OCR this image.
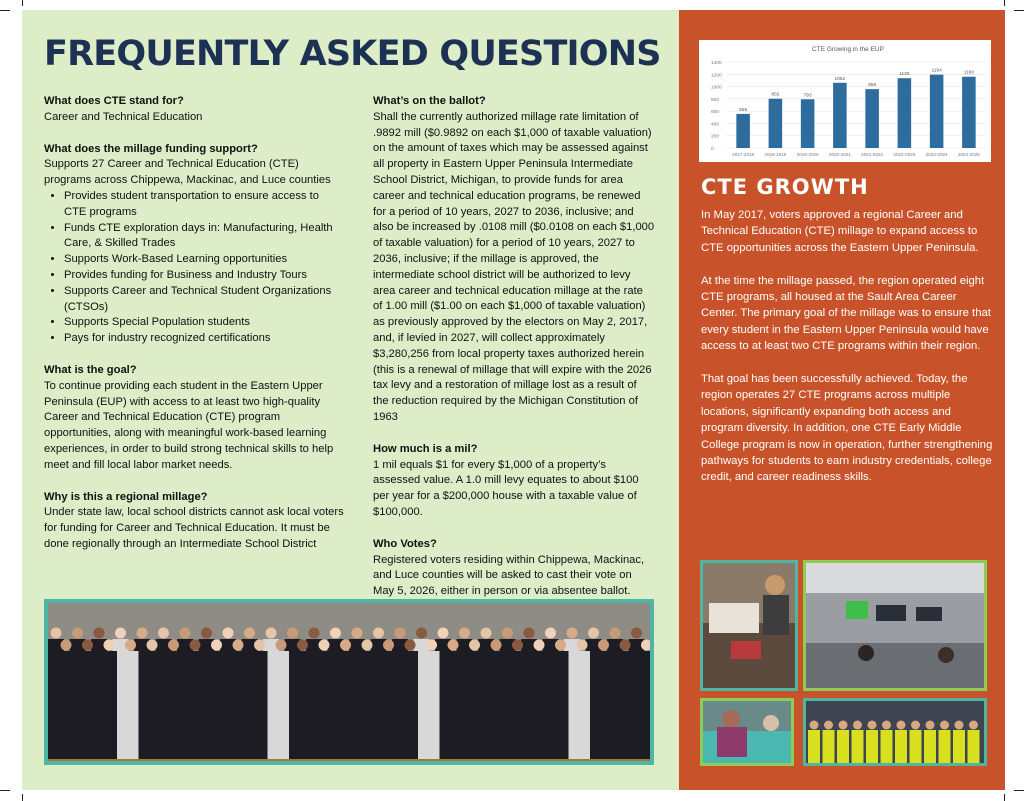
FREQUENTLY ASKED QUESTIONS
What does CTE stand for?
Career and Technical Education
What does the millage funding support?
Supports 27 Career and Technical Education (CTE) programs across Chippewa, Mackinac, and Luce counties
• Provides student transportation to ensure access to CTE programs
• Funds CTE exploration days in: Manufacturing, Health Care, & Skilled Trades
• Supports Work-Based Learning opportunities
• Provides funding for Business and Industry Tours
• Supports Career and Technical Student Organizations (CTSOs)
• Supports Special Population students
• Pays for industry recognized certifications
What is the goal?
To continue providing each student in the Eastern Upper Peninsula (EUP) with access to at least two high-quality Career and Technical Education (CTE) program opportunities, along with meaningful work-based learning experiences, in order to build strong technical skills to help meet and fill local labor market needs.
Why is this a regional millage?
Under state law, local school districts cannot ask local voters for funding for Career and Technical Education. It must be done regionally through an Intermediate School District
What’s on the ballot?
Shall the currently authorized millage rate limitation of .9892 mill ($0.9892 on each $1,000 of taxable valuation) on the amount of taxes which may be assessed against all property in Eastern Upper Peninsula Intermediate School District, Michigan, to provide funds for area career and technical education programs, be renewed for a period of 10 years, 2027 to 2036, inclusive; and also be increased by .0108 mill ($0.0108 on each $1,000 of taxable valuation) for a period of 10 years, 2027 to 2036, inclusive; if the millage is approved, the intermediate school district will be authorized to levy area career and technical education millage at the rate of 1.00 mill ($1.00 on each $1,000 of taxable valuation) as previously approved by the electors on May 2, 2017, and, if levied in 2027, will collect approximately $3,280,256 from local property taxes authorized herein (this is a renewal of millage that will expire with the 2026 tax levy and a restoration of millage lost as a result of the reduction required by the Michigan Constitution of 1963
How much is a mil?
1 mil equals $1 for every $1,000 of a property’s assessed value. A 1.0 mill levy equates to about $100 per year for a $200,000 house with a taxable value of $100,000.
Who Votes?
Registered voters residing within Chippewa, Mackinac, and Luce counties will be asked to cast their vote on May 5, 2026, either in person or via absentee ballot.
CTE Growing in the EUP
0
200
400
600
800
1000
1200
1400
555
2017-2018
802
2018-2019
793
2019-2020
1062
2020-2021
958
2021-2022
1136
2022-2023
1194
2023-2024
1160
2024-2025
CTE GROWTH

In May 2017, voters approved a regional Career and Technical Education (CTE) millage to expand access to CTE opportunities across the Eastern Upper Peninsula.

At the time the millage passed, the region operated eight CTE programs, all housed at the Sault Area Career Center. The primary goal of the millage was to ensure that every student in the Eastern Upper Peninsula would have access to at least two CTE programs within their region.

That goal has been successfully achieved. Today, the region operates 27 CTE programs across multiple locations, significantly expanding both access and program diversity. In addition, one CTE Early Middle College program is now in operation, further strengthening pathways for students to earn industry credentials, college credit, and career readiness skills.
